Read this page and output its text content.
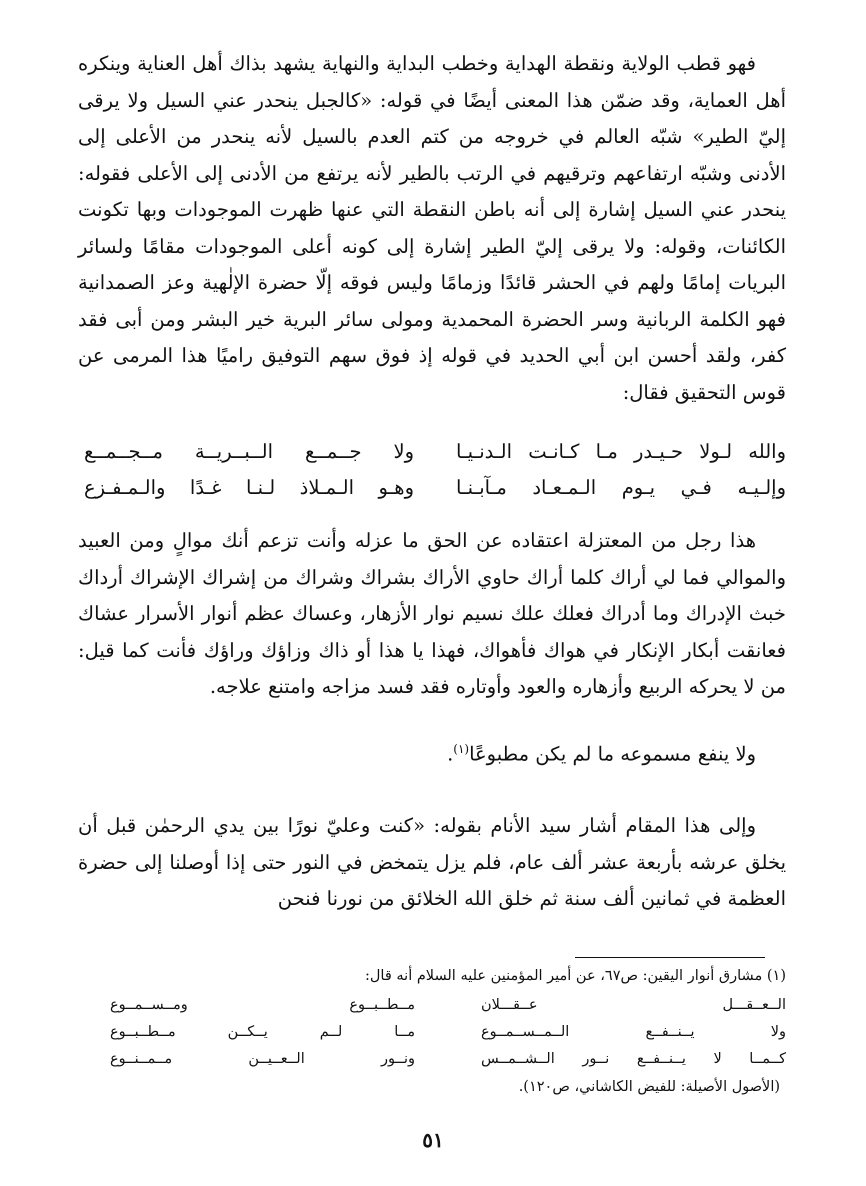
فهو قطب الولاية ونقطة الهداية وخطب البداية والنهاية يشهد بذاك أهل العناية وينكره أهل العماية، وقد ضمّن هذا المعنى أيضًا في قوله: «كالجبل ينحدر عني السيل ولا يرقى إليّ الطير» شبّه العالم في خروجه من كتم العدم بالسيل لأنه ينحدر من الأعلى إلى الأدنى وشبّه ارتفاعهم وترقيهم في الرتب بالطير لأنه يرتفع من الأدنى إلى الأعلى فقوله: ينحدر عني السيل إشارة إلى أنه باطن النقطة التي عنها ظهرت الموجودات وبها تكونت الكائنات، وقوله: ولا يرقى إليّ الطير إشارة إلى كونه أعلى الموجودات مقامًا ولسائر البريات إمامًا ولهم في الحشر قائدًا وزمامًا وليس فوقه إلّا حضرة الإلٰهية وعز الصمدانية فهو الكلمة الربانية وسر الحضرة المحمدية ومولى سائر البرية خير البشر ومن أبى فقد كفر، ولقد أحسن ابن أبي الحديد في قوله إذ فوق سهم التوفيق راميًا هذا المرمى عن قوس التحقيق فقال:

والله لـولا حـيـدر مـا كـانـت الـدنـيـا
ولا جــمــع الــبــريــة مــجــمــع
وإلـيـه فـي يـوم الـمـعـاد مـآبـنـا
وهـو الـمـلاذ لـنـا غـدًا والـمـفـزع

هذا رجل من المعتزلة اعتقاده عن الحق ما عزله وأنت تزعم أنك موالٍ ومن العبيد والموالي فما لي أراك كلما أراك حاوي الأراك بشراك وشراك من إشراك الإشراك أرداك خبث الإدراك وما أدراك فعلك علك نسيم نوار الأزهار، وعساك عظم أنوار الأسرار عشاك فعانقت أبكار الإنكار في هواك فأهواك، فهذا يا هذا أو ذاك وزاؤك وراؤك فأنت كما قيل: من لا يحركه الربيع وأزهاره والعود وأوتاره فقد فسد مزاجه وامتنع علاجه.

ولا ينفع مسموعه ما لم يكن مطبوعًا$^{(١)}$.

وإلى هذا المقام أشار سيد الأنام بقوله: «كنت وعليّ نورًا بين يدي الرحمٰن قبل أن يخلق عرشه بأربعة عشر ألف عام، فلم يزل يتمخض في النور حتى إذا أوصلنا إلى حضرة العظمة في ثمانين ألف سنة ثم خلق الله الخلائق من نورنا فنحن

(١) مشارق أنوار اليقين: ص٦٧، عن أمير المؤمنين عليه السلام أنه قال:
الــعــقـــل عــقـــلان
مــطــبــوع ومــســمــوع
ولا يــنــفــع الــمــســمــوع
مــا لــم يــكــن مــطــبــوع
كــمــا لا يــنــفــع نــور الــشــمــس
ونــور الــعــيــن مــمــنــوع
(الأصول الأصيلة: للفيض الكاشاني، ص١٢٠).
٥١
